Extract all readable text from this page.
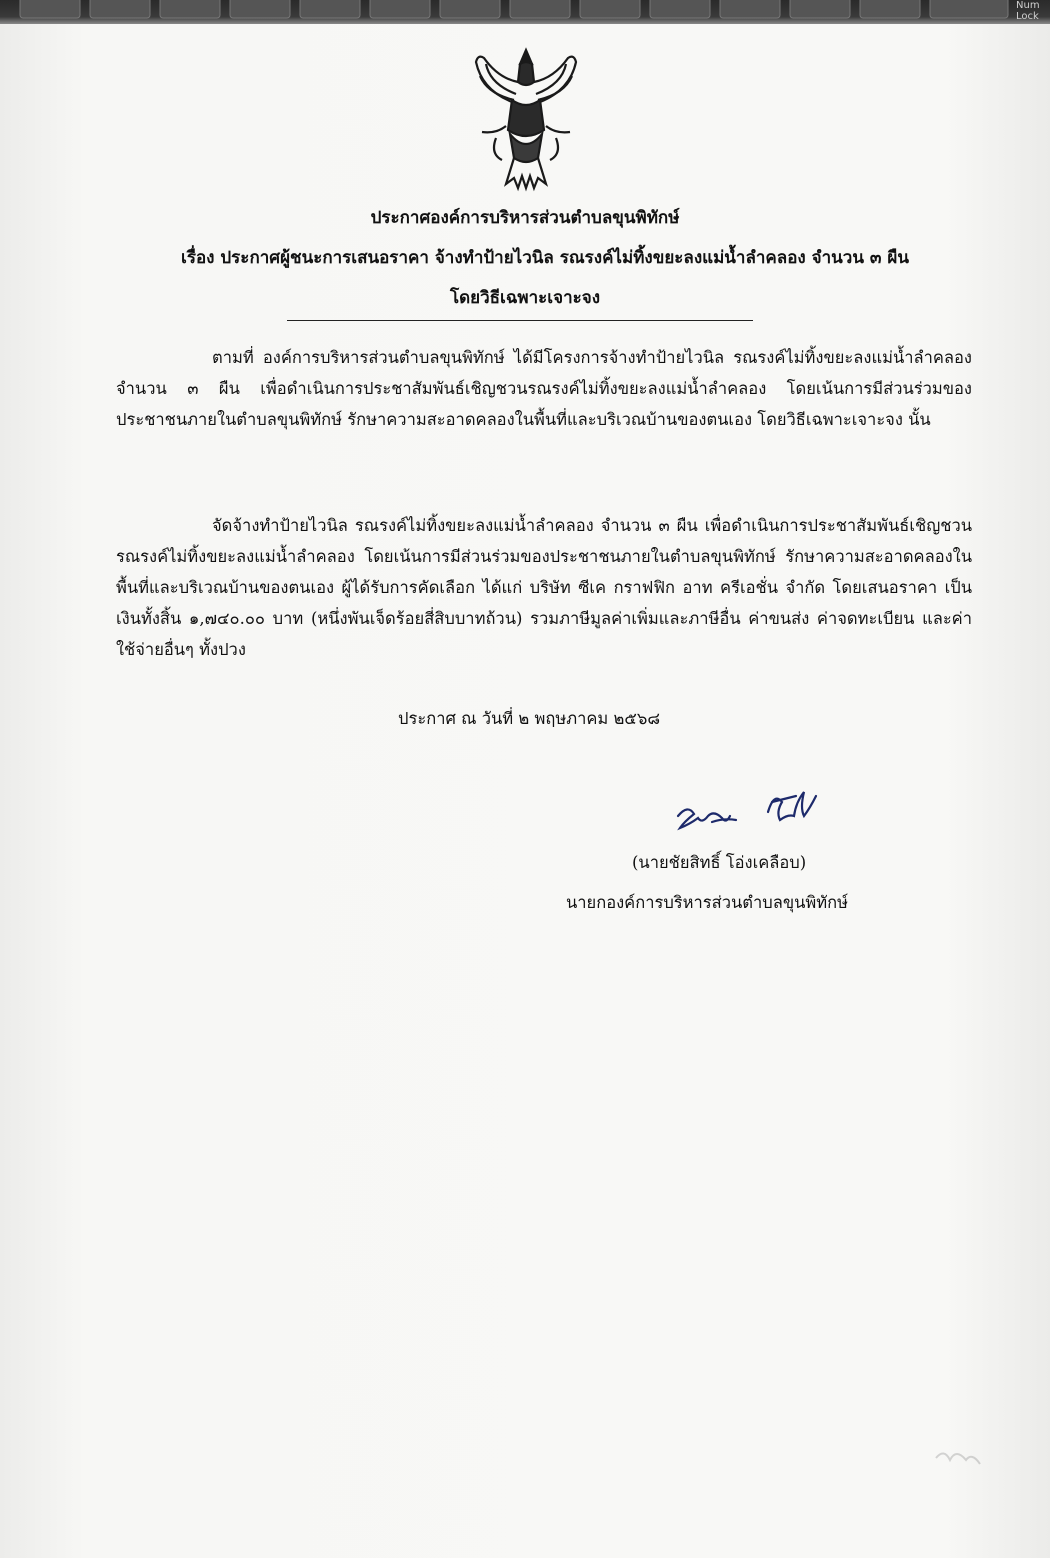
Num Lock
ประกาศองค์การบริหารส่วนตำบลขุนพิทักษ์
เรื่อง ประกาศผู้ชนะการเสนอราคา จ้างทำป้ายไวนิล รณรงค์ไม่ทิ้งขยะลงแม่น้ำลำคลอง จำนวน ๓ ผืน
โดยวิธีเฉพาะเจาะจง

ตามที่ องค์การบริหารส่วนตำบลขุนพิทักษ์ ได้มีโครงการจ้างทำป้ายไวนิล รณรงค์ไม่ทิ้งขยะลงแม่น้ำลำคลอง จำนวน ๓ ผืน เพื่อดำเนินการประชาสัมพันธ์เชิญชวนรณรงค์ไม่ทิ้งขยะลงแม่น้ำลำคลอง โดยเน้นการมีส่วนร่วมของประชาชนภายในตำบลขุนพิทักษ์ รักษาความสะอาดคลองในพื้นที่และบริเวณบ้านของตนเอง โดยวิธีเฉพาะเจาะจง นั้น

จัดจ้างทำป้ายไวนิล รณรงค์ไม่ทิ้งขยะลงแม่น้ำลำคลอง จำนวน ๓ ผืน เพื่อดำเนินการประชาสัมพันธ์เชิญชวนรณรงค์ไม่ทิ้งขยะลงแม่น้ำลำคลอง โดยเน้นการมีส่วนร่วมของประชาชนภายในตำบลขุนพิทักษ์ รักษาความสะอาดคลองในพื้นที่และบริเวณบ้านของตนเอง ผู้ได้รับการคัดเลือก ได้แก่ บริษัท ซีเค กราฟฟิก อาท ครีเอชั่น จำกัด โดยเสนอราคา เป็นเงินทั้งสิ้น ๑,๗๔๐.๐๐ บาท (หนึ่งพันเจ็ดร้อยสี่สิบบาทถ้วน) รวมภาษีมูลค่าเพิ่มและภาษีอื่น ค่าขนส่ง ค่าจดทะเบียน และค่าใช้จ่ายอื่นๆ ทั้งปวง

ประกาศ ณ วันที่ ๒ พฤษภาคม ๒๕๖๘
(นายชัยสิทธิ์ โอ่งเคลือบ)
นายกองค์การบริหารส่วนตำบลขุนพิทักษ์
